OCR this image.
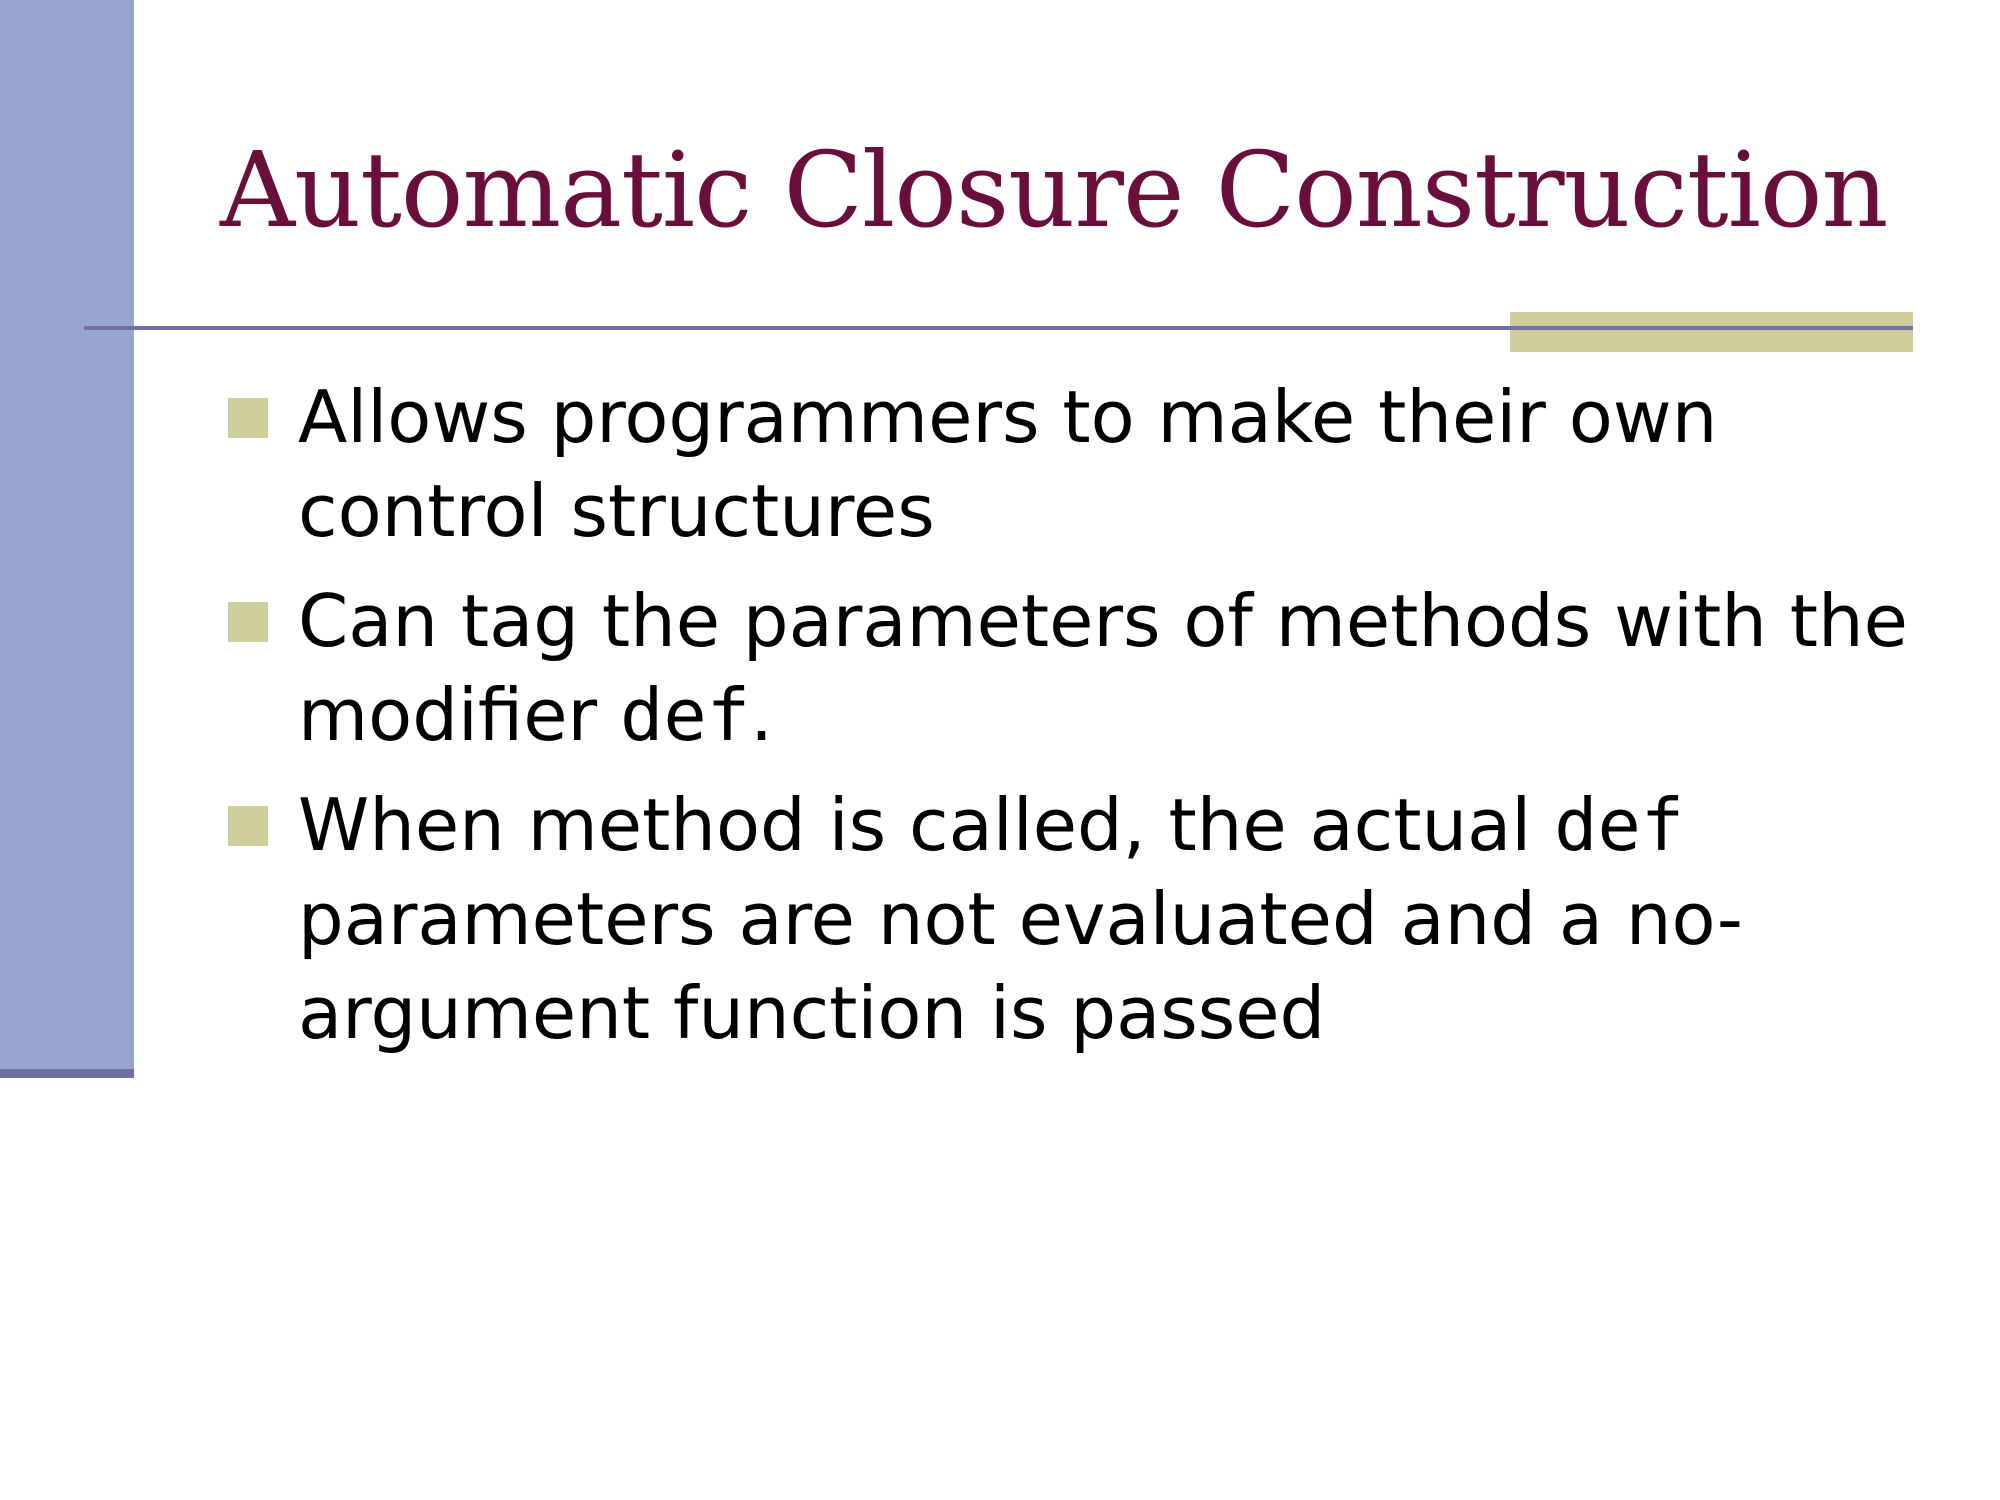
Automatic Closure Construction
Allows programmers to make their own control structures
Can tag the parameters of methods with the modifier def.
When method is called, the actual def parameters are not evaluated and a no-argument function is passed
